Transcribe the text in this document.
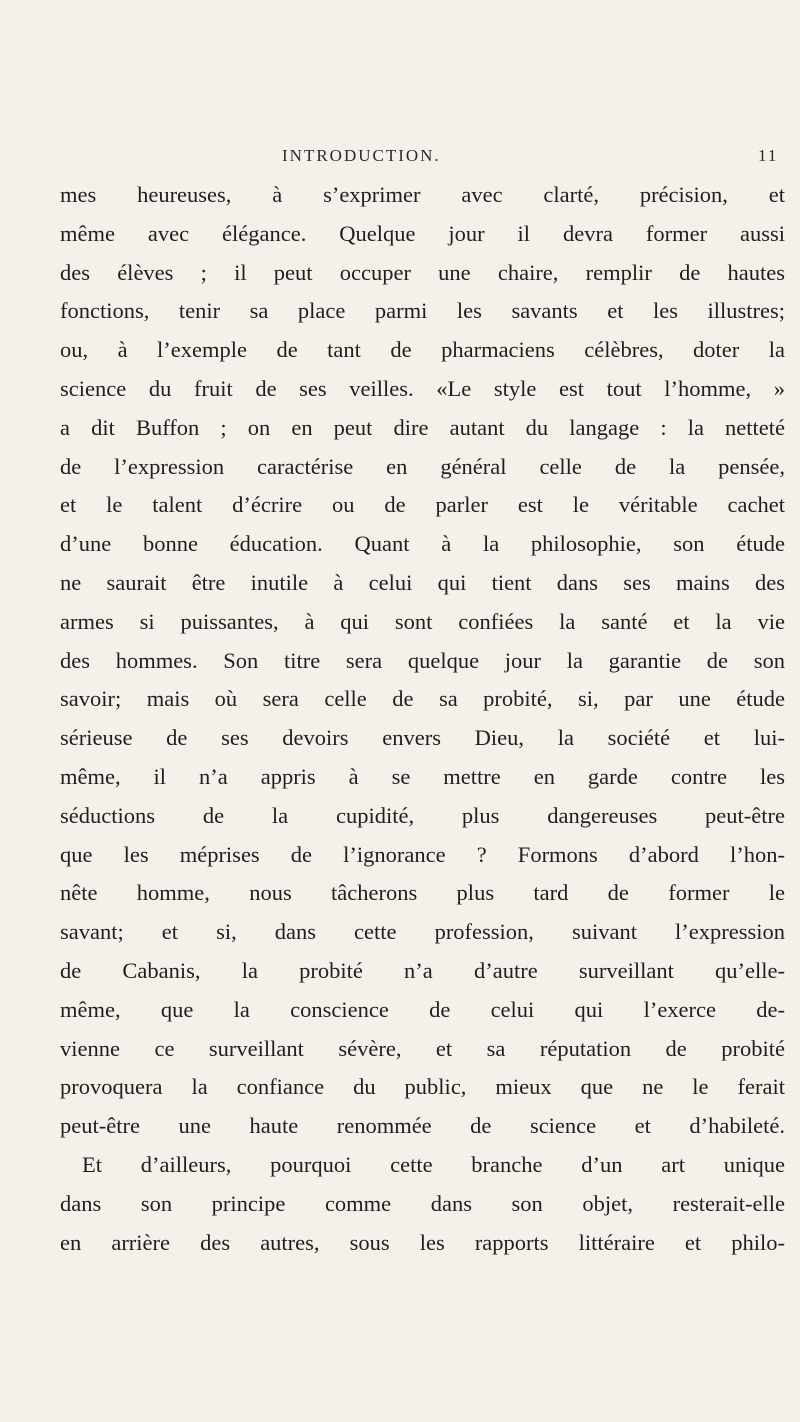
INTRODUCTION.	11
mes heureuses, à s’exprimer avec clarté, précision, et
même avec élégance. Quelque jour il devra former aussi
des élèves ; il peut occuper une chaire, remplir de hautes
fonctions, tenir sa place parmi les savants et les illustres;
ou, à l’exemple de tant de pharmaciens célèbres, doter la
science du fruit de ses veilles. «Le style est tout l’homme, »
a dit Buffon ; on en peut dire autant du langage : la netteté
de l’expression caractérise en général celle de la pensée,
et le talent d’écrire ou de parler est le véritable cachet
d’une bonne éducation. Quant à la philosophie, son étude
ne saurait être inutile à celui qui tient dans ses mains des
armes si puissantes, à qui sont confiées la santé et la vie
des hommes. Son titre sera quelque jour la garantie de son
savoir; mais où sera celle de sa probité, si, par une étude
sérieuse de ses devoirs envers Dieu, la société et lui-
même, il n’a appris à se mettre en garde contre les
séductions de la cupidité, plus dangereuses peut-être
que les méprises de l’ignorance ? Formons d’abord l’hon-
nête homme, nous tâcherons plus tard de former le
savant; et si, dans cette profession, suivant l’expression
de Cabanis, la probité n’a d’autre surveillant qu’elle-
même, que la conscience de celui qui l’exerce de-
vienne ce surveillant sévère, et sa réputation de probité
provoquera la confiance du public, mieux que ne le ferait
peut-être une haute renommée de science et d’habileté.
Et d’ailleurs, pourquoi cette branche d’un art unique
dans son principe comme dans son objet, resterait-elle
en arrière des autres, sous les rapports littéraire et philo-
